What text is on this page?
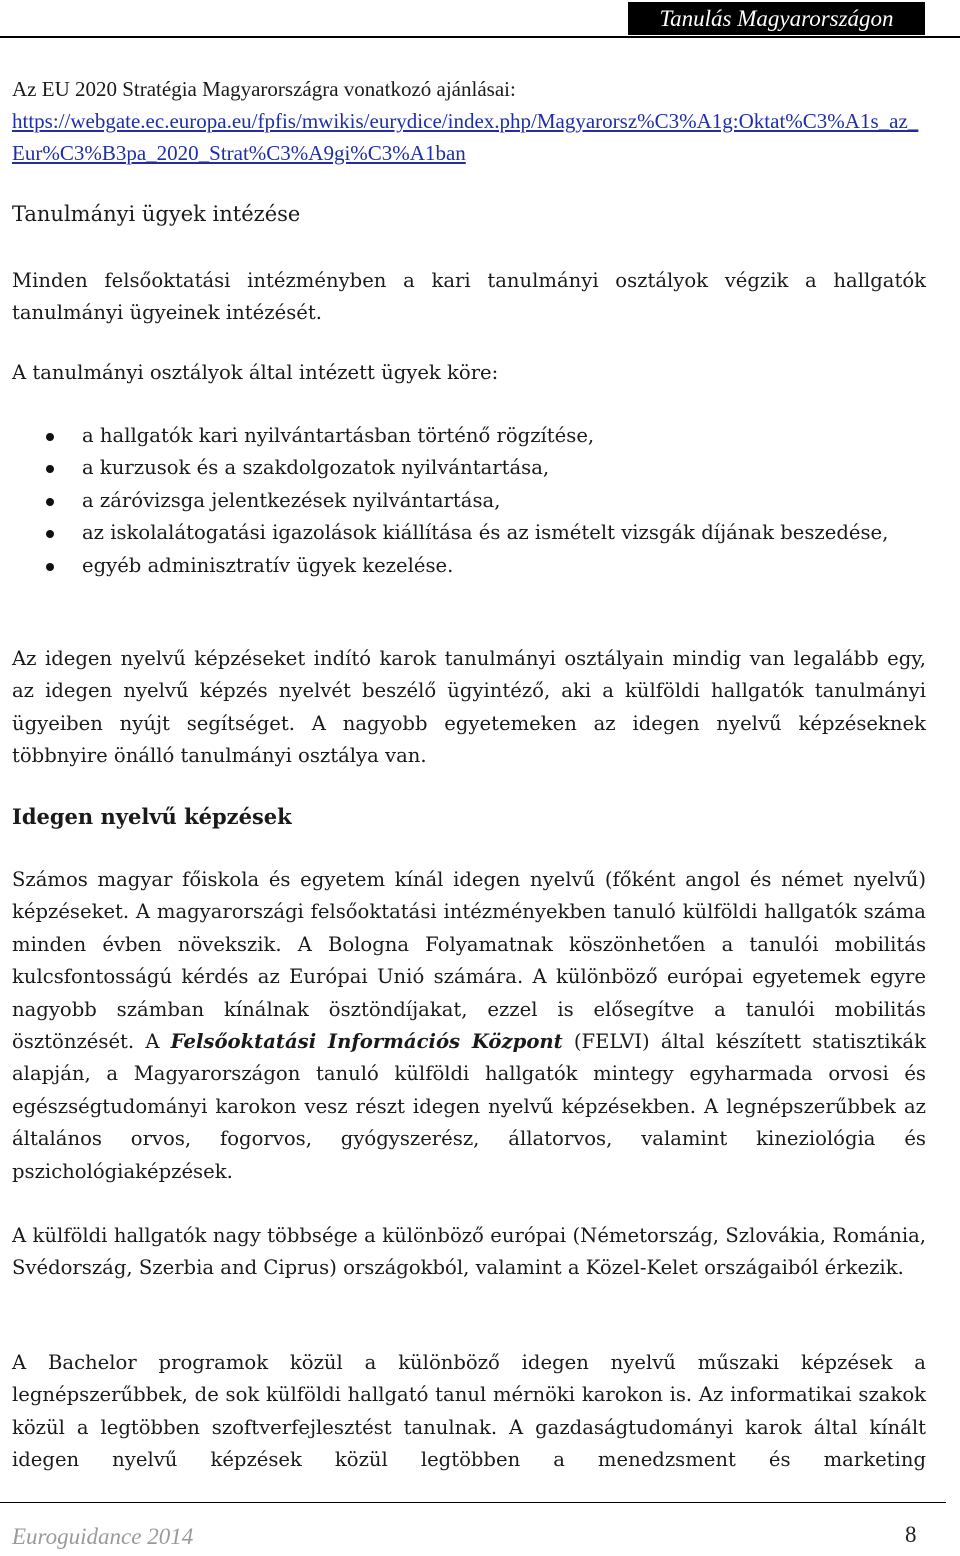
Tanulás Magyarországon
Az EU 2020 Stratégia Magyarországra vonatkozó ajánlásai:
https://webgate.ec.europa.eu/fpfis/mwikis/eurydice/index.php/Magyarorsz%C3%A1g:Oktat%C3%A1s_az_Eur%C3%B3pa_2020_Strat%C3%A9gi%C3%A1ban
Tanulmányi ügyek intézése
Minden felsőoktatási intézményben a kari tanulmányi osztályok végzik a hallgatók tanulmányi ügyeinek intézését.
A tanulmányi osztályok által intézett ügyek köre:
a hallgatók kari nyilvántartásban történő rögzítése,
a kurzusok és a szakdolgozatok nyilvántartása,
a záróvizsga jelentkezések nyilvántartása,
az iskolalátogatási igazolások kiállítása és az ismételt vizsgák díjának beszedése,
egyéb adminisztratív ügyek kezelése.
Az idegen nyelvű képzéseket indító karok tanulmányi osztályain mindig van legalább egy, az idegen nyelvű képzés nyelvét beszélő ügyintéző, aki a külföldi hallgatók tanulmányi ügyeiben nyújt segítséget. A nagyobb egyetemeken az idegen nyelvű képzéseknek többnyire önálló tanulmányi osztálya van.
Idegen nyelvű képzések
Számos magyar főiskola és egyetem kínál idegen nyelvű (főként angol és német nyelvű) képzéseket. A magyarországi felsőoktatási intézményekben tanuló külföldi hallgatók száma minden évben növekszik. A Bologna Folyamatnak köszönhetően a tanulói mobilitás kulcsfontosságú kérdés az Európai Unió számára. A különböző európai egyetemek egyre nagyobb számban kínálnak ösztöndíjakat, ezzel is elősegítve a tanulói mobilitás ösztönzését. A Felsőoktatási Információs Központ (FELVI) által készített statisztikák alapján, a Magyarországon tanuló külföldi hallgatók mintegy egyharmada orvosi és egészségtudományi karokon vesz részt idegen nyelvű képzésekben. A legnépszerűbbek az általános orvos, fogorvos, gyógyszerész, állatorvos, valamint kineziológia és pszichológiaképzések.
A külföldi hallgatók nagy többsége a különböző európai (Németország, Szlovákia, Románia, Svédország, Szerbia and Ciprus) országokból, valamint a Közel-Kelet országaiból érkezik.
A Bachelor programok közül a különböző idegen nyelvű műszaki képzések a legnépszerűbbek, de sok külföldi hallgató tanul mérnöki karokon is. Az informatikai szakok közül a legtöbben szoftverfejlesztést tanulnak. A gazdaságtudományi karok által kínált idegen nyelvű képzések közül legtöbben a menedzsment és marketing
Euroguidance 2014	8
